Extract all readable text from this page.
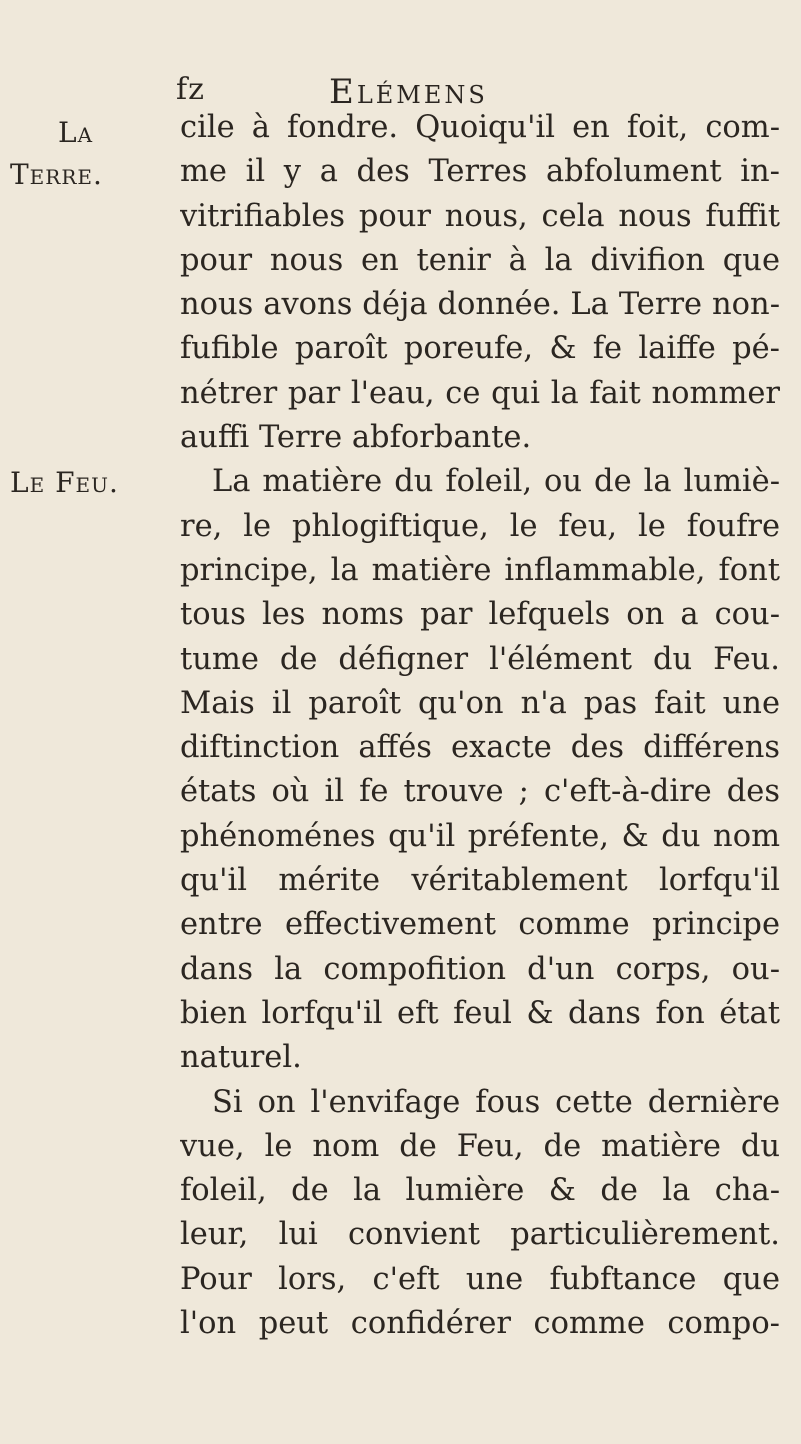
fz	Elémens
La
Terre.
Le Feu.
cile à fondre. Quoiqu'il en foit, com-
me il y a des Terres abfolument in-
vitrifiables pour nous, cela nous fuffit
pour nous en tenir à la divifion que
nous avons déja donnée. La Terre non-
fufible paroît poreufe, & fe laiffe pé-
nétrer par l'eau, ce qui la fait nommer
auffi Terre abforbante.
La matière du foleil, ou de la lumiè-
re, le phlogiftique, le feu, le foufre
principe, la matière inflammable, font
tous les noms par lefquels on a cou-
tume de défigner l'élément du Feu.
Mais il paroît qu'on n'a pas fait une
diftinction affés exacte des différens
états où il fe trouve ; c'eft-à-dire des
phénoménes qu'il préfente, & du nom
qu'il mérite véritablement lorfqu'il
entre effectivement comme principe
dans la compofition d'un corps, ou-
bien lorfqu'il eft feul & dans fon état
naturel.
Si on l'envifage fous cette dernière
vue, le nom de Feu, de matière du
foleil, de la lumière & de la cha-
leur, lui convient particulièrement.
Pour lors, c'eft une fubftance que
l'on peut confidérer comme compo-
